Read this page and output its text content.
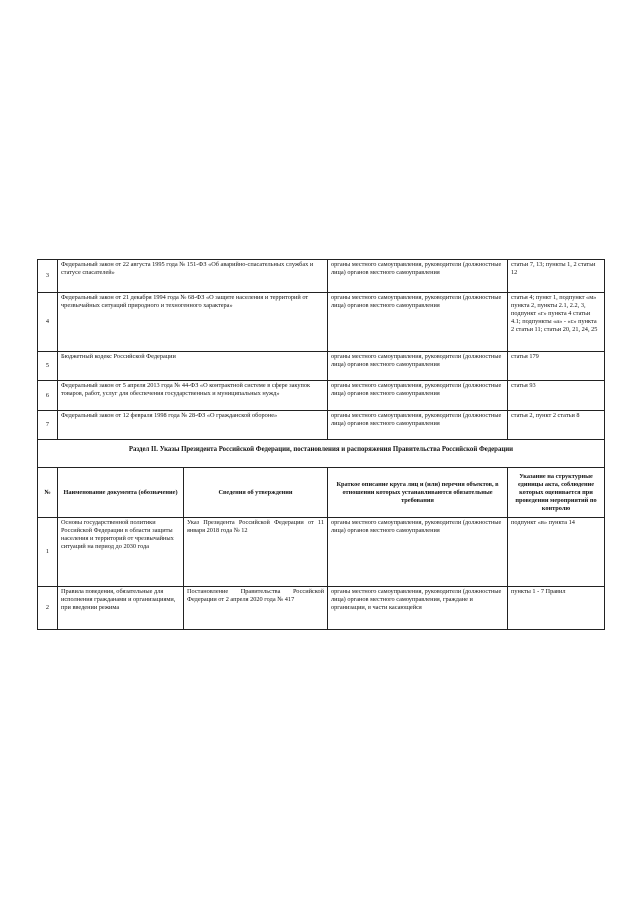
3	Федеральный закон от 22 августа 1995 года № 151-ФЗ «Об аварийно-спасательных службах и статусе спасателей»		органы местного самоуправления, руководители (должностные лица) органов местного самоуправления	статьи 7, 13; пункты 1, 2 статьи 12
4	Федеральный закон от 21 декабря 1994 года № 68-ФЗ «О защите населения и территорий от чрезвычайных ситуаций природного и техногенного характера»		органы местного самоуправления, руководители (должностные лица) органов местного самоуправления	статья 4; пункт 1, подпункт «м» пункта 2, пункты 2.1, 2.2, 3, подпункт «г» пункта 4 статьи 4.1; подпункты «а» - «с» пункта 2 статьи 11; статьи 20, 21, 24, 25
5	Бюджетный кодекс Российской Федерации		органы местного самоуправления, руководители (должностные лица) органов местного самоуправления	статья 179
6	Федеральный закон от 5 апреля 2013 года № 44-ФЗ «О контрактной системе в сфере закупок товаров, работ, услуг для обеспечения государственных и муниципальных нужд»		органы местного самоуправления, руководители (должностные лица) органов местного самоуправления	статья 93
7	Федеральный закон от 12 февраля 1998 года № 28-ФЗ «О гражданской обороне»		органы местного самоуправления, руководители (должностные лица) органов местного самоуправления	статья 2, пункт 2 статьи 8
Раздел II. Указы Президента Российской Федерации, постановления и распоряжения Правительства Российской Федерации				
№	Наименование документа (обозначение)	Сведения об утверждении	Краткое описание круга лиц и (или) перечня объектов, в отношении которых устанавливаются обязательные требования	Указание на структурные единицы акта, соблюдение которых оценивается при проведении мероприятий по контролю
1	Основы государственной политики Российской Федерации в области защиты населения и территорий от чрезвычайных ситуаций на период до 2030 года	Указ Президента Российской Федерации от 11 января 2018 года № 12	органы местного самоуправления, руководители (должностные лица) органов местного самоуправления	подпункт «в» пункта 14
2	Правила поведения, обязательные для исполнения гражданами и организациями, при введении режима	Постановление Правительства Российской Федерации от 2 апреля 2020 года № 417	органы местного самоуправления, руководители (должностные лица) органов местного самоуправления, граждане и организации, в части касающейся	пункты 1 - 7 Правил
